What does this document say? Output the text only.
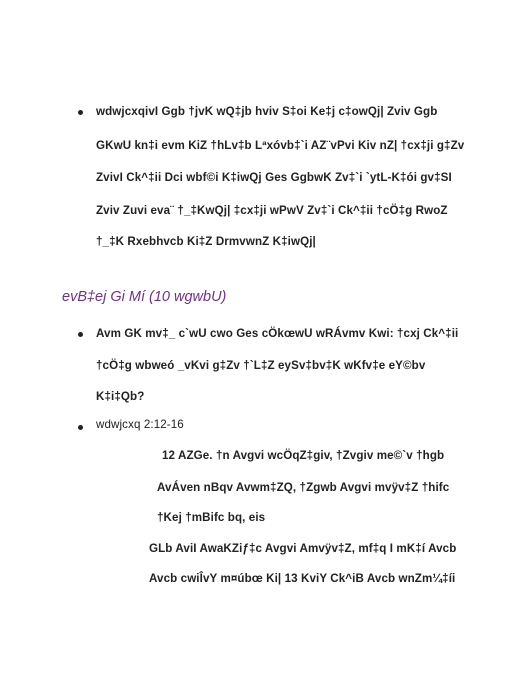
wdwjcxqivI Ggb †jvK wQ‡jb hviv S‡oi Ke‡j c‡owQj| Zviv Ggb
GKwU kn‡i evm KiZ †hLv‡b Lªxóvb‡`i AZ¨vPvi Kiv nZ| †cx‡ji g‡Zv
ZvivI Ck^‡ii Dci wbf©i K‡iwQj Ges GgbwK Zv‡`i `ytL-K‡ói gv‡SI
Zviv Zuvi eva¨ †_‡KwQj| ‡cx‡ji wPwV Zv‡`i Ck^‡ii †cÖ‡g RwoZ
†_‡K Rxebhvcb Ki‡Z DrmvwnZ K‡iwQj|
evB‡ej Gi Mí (10 wgwbU)
Avm GK mv‡_ c`wU cwo Ges cÖkœwU wRÁvmv Kwi: †cxj Ck^‡ii
†cÖ‡g wbweó _vKvi g‡Zv †`L‡Z eySv‡bv‡K wKfv‡e eY©bv
K‡i‡Qb?
wdwjcxq 2:12-16
12 AZGe. †n Avgvi wcÖqZ‡giv, †Zvgiv me©`v †hgb
AvÁven nBqv Avwm‡ZQ, †Zgwb Avgvi mvÿv‡Z †hifc
†Kej †mBifc bq, eis
GLb AviI AwaKZiƒ‡c Avgvi Amvÿv‡Z, mf‡q I mK‡í Avcb
Avcb cwiÎvY m¤úbœ Ki| 13 KviY Ck^iB Avcb wnZm¼‡íi
